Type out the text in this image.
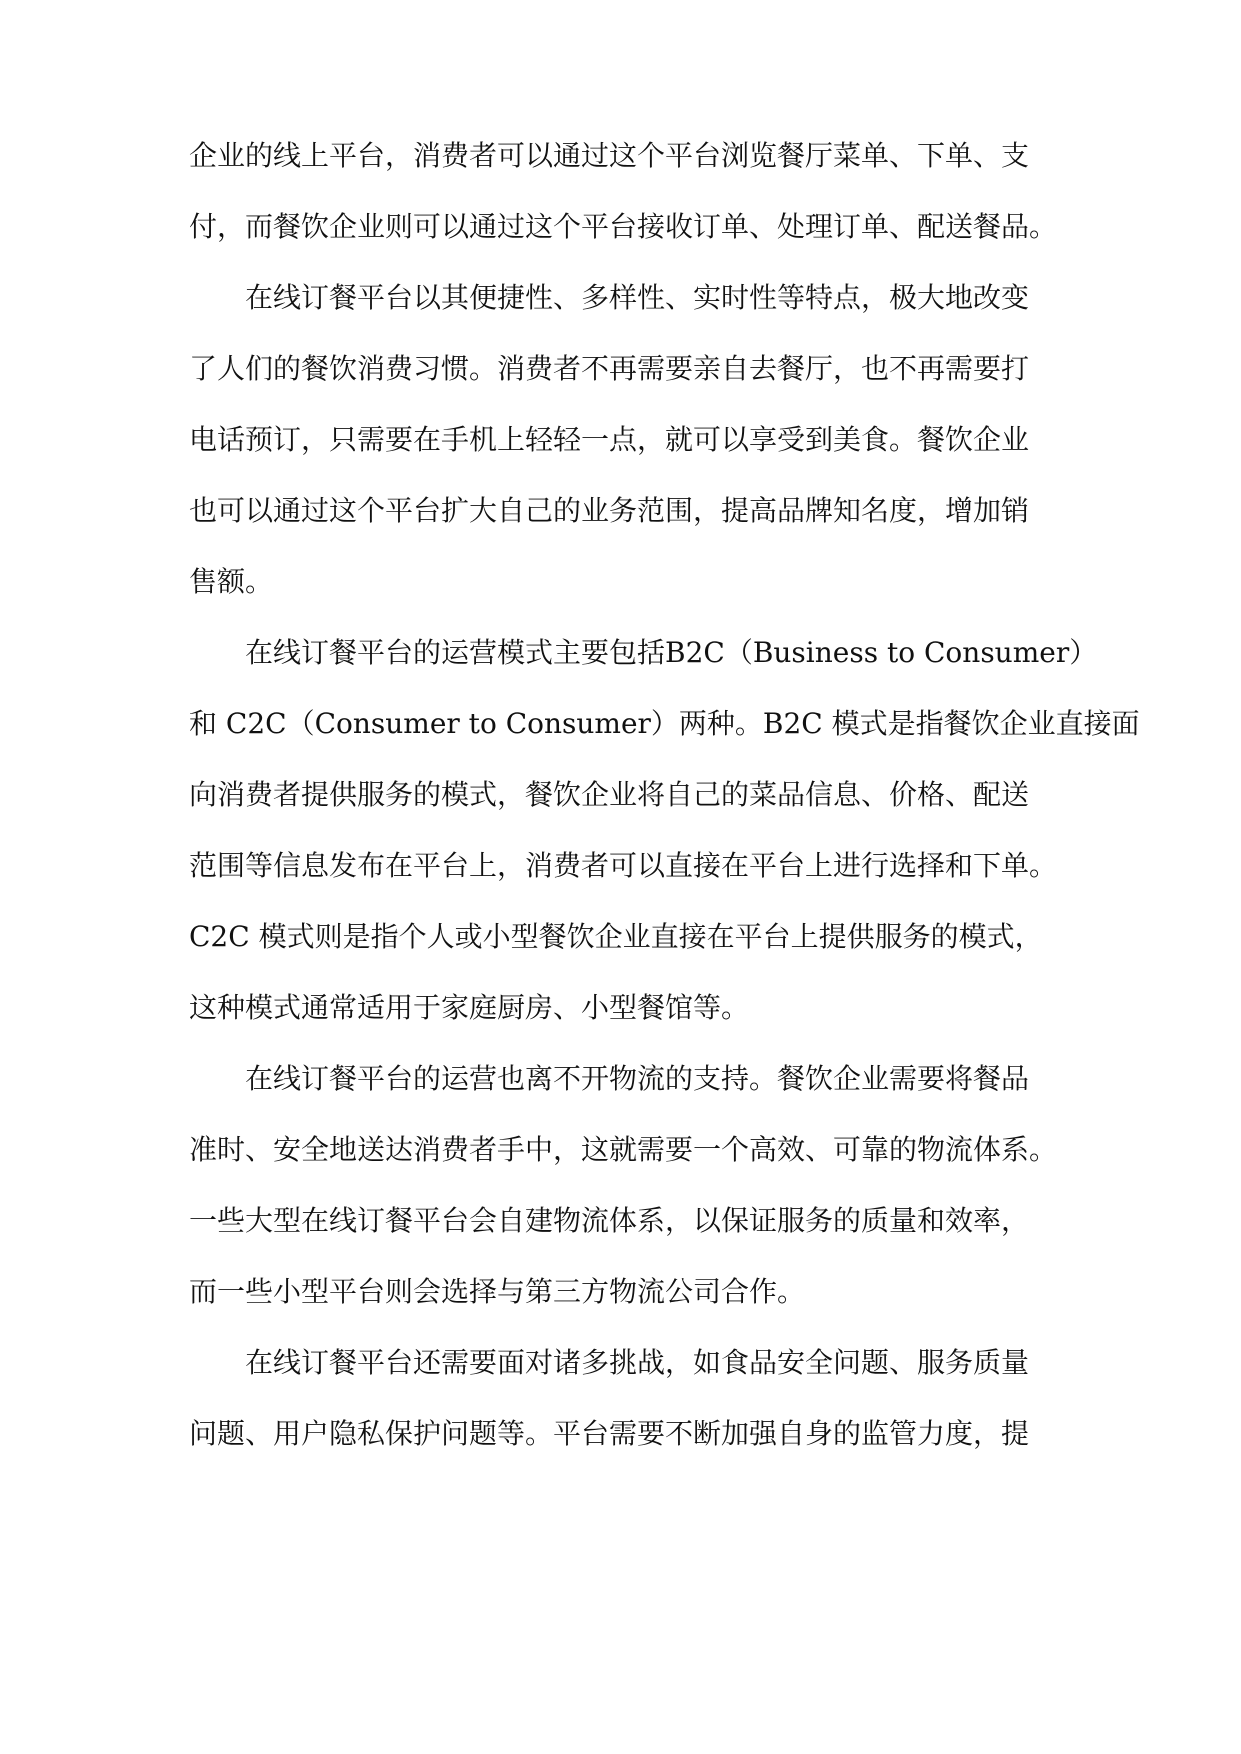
企业的线上平台，消费者可以通过这个平台浏览餐厅菜单、下单、支

付，而餐饮企业则可以通过这个平台接收订单、处理订单、配送餐品。

在线订餐平台以其便捷性、多样性、实时性等特点，极大地改变

了人们的餐饮消费习惯。消费者不再需要亲自去餐厅，也不再需要打

电话预订，只需要在手机上轻轻一点，就可以享受到美食。餐饮企业

也可以通过这个平台扩大自己的业务范围，提高品牌知名度，增加销

售额。

在线订餐平台的运营模式主要包括B2C（Business to Consumer）

和 C2C（Consumer to Consumer）两种。B2C 模式是指餐饮企业直接面

向消费者提供服务的模式，餐饮企业将自己的菜品信息、价格、配送

范围等信息发布在平台上，消费者可以直接在平台上进行选择和下单。

C2C 模式则是指个人或小型餐饮企业直接在平台上提供服务的模式，

这种模式通常适用于家庭厨房、小型餐馆等。

在线订餐平台的运营也离不开物流的支持。餐饮企业需要将餐品

准时、安全地送达消费者手中，这就需要一个高效、可靠的物流体系。

一些大型在线订餐平台会自建物流体系，以保证服务的质量和效率，

而一些小型平台则会选择与第三方物流公司合作。

在线订餐平台还需要面对诸多挑战，如食品安全问题、服务质量

问题、用户隐私保护问题等。平台需要不断加强自身的监管力度，提
